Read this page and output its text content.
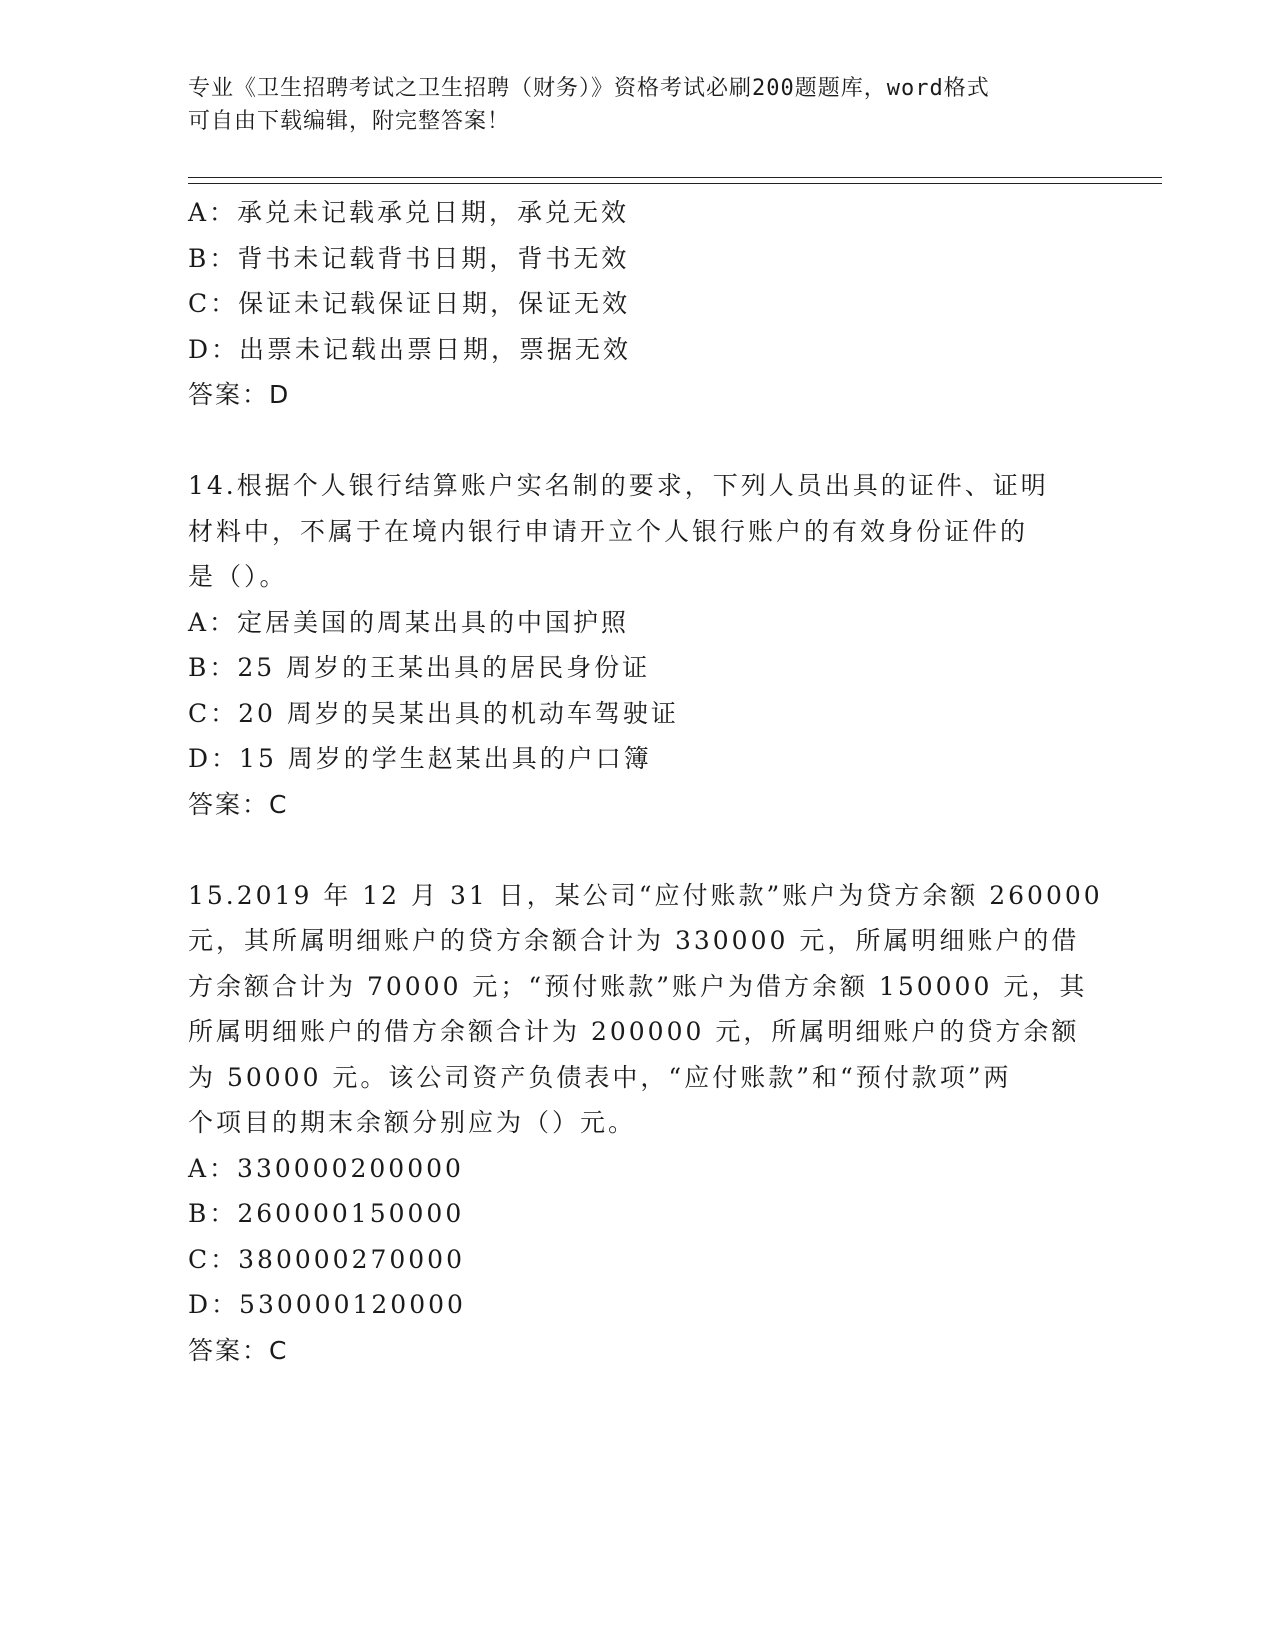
专业《卫生招聘考试之卫生招聘（财务）》资格考试必刷200题题库，word格式
可自由下载编辑，附完整答案！
A：承兑未记载承兑日期，承兑无效
B：背书未记载背书日期，背书无效
C：保证未记载保证日期，保证无效
D：出票未记载出票日期，票据无效
答案：D
14.根据个人银行结算账户实名制的要求，下列人员出具的证件、证明
材料中，不属于在境内银行申请开立个人银行账户的有效身份证件的
是（）。
A：定居美国的周某出具的中国护照
B：25 周岁的王某出具的居民身份证
C：20 周岁的吴某出具的机动车驾驶证
D：15 周岁的学生赵某出具的户口簿
答案：C
15.2019 年 12 月 31 日，某公司“应付账款”账户为贷方余额 260000
元，其所属明细账户的贷方余额合计为 330000 元，所属明细账户的借
方余额合计为 70000 元；“预付账款”账户为借方余额 150000 元，其
所属明细账户的借方余额合计为 200000 元，所属明细账户的贷方余额
为 50000 元。该公司资产负债表中，“应付账款”和“预付款项”两
个项目的期末余额分别应为（）元。
A：330000200000
B：260000150000
C：380000270000
D：530000120000
答案：C
